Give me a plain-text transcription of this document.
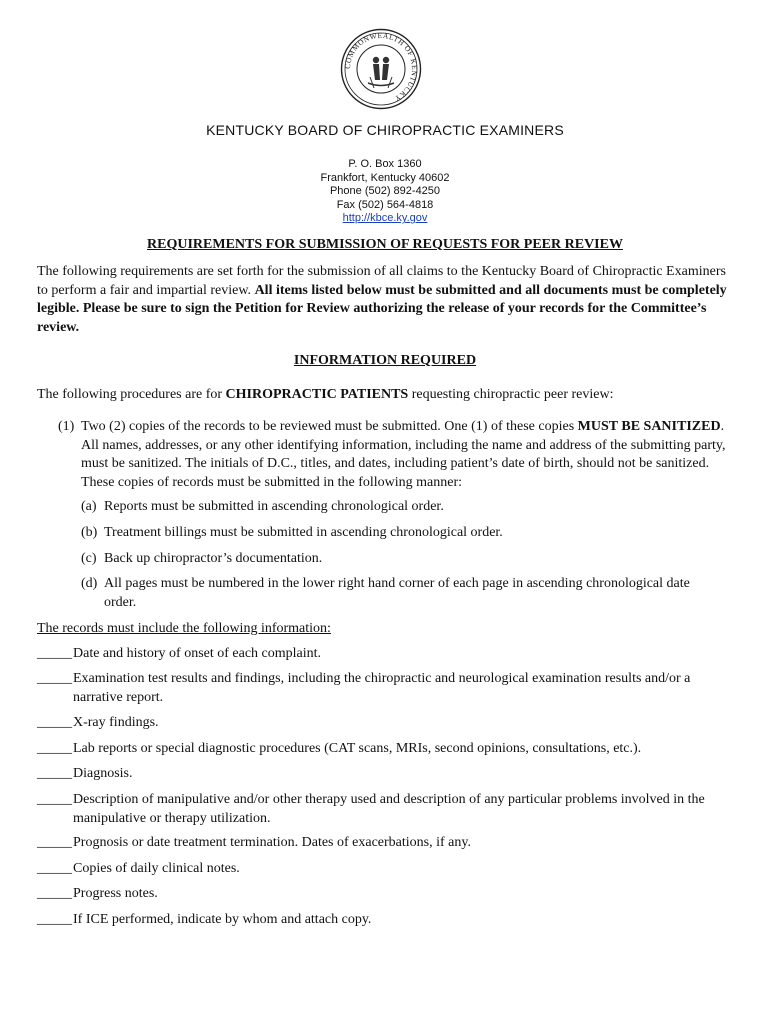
COMMONWEALTH OF KENTUCKY
KENTUCKY BOARD OF CHIROPRACTIC EXAMINERS
P. O. Box 1360
Frankfort, Kentucky 40602
Phone (502) 892-4250
Fax (502) 564-4818
http://kbce.ky.gov
REQUIREMENTS FOR SUBMISSION OF REQUESTS FOR PEER REVIEW
The following requirements are set forth for the submission of all claims to the Kentucky Board of Chiropractic Examiners to perform a fair and impartial review. All items listed below must be submitted and all documents must be completely legible. Please be sure to sign the Petition for Review authorizing the release of your records for the Committee’s review.
INFORMATION REQUIRED
The following procedures are for CHIROPRACTIC PATIENTS requesting chiropractic peer review:
(1) Two (2) copies of the records to be reviewed must be submitted. One (1) of these copies MUST BE SANITIZED. All names, addresses, or any other identifying information, including the name and address of the submitting party, must be sanitized. The initials of D.C., titles, and dates, including patient’s date of birth, should not be sanitized. These copies of records must be submitted in the following manner:
(a) Reports must be submitted in ascending chronological order.
(b) Treatment billings must be submitted in ascending chronological order.
(c) Back up chiropractor’s documentation.
(d) All pages must be numbered in the lower right hand corner of each page in ascending chronological date order.
The records must include the following information:
_____ Date and history of onset of each complaint.
_____ Examination test results and findings, including the chiropractic and neurological examination results and/or a narrative report.
_____ X-ray findings.
_____ Lab reports or special diagnostic procedures (CAT scans, MRIs, second opinions, consultations, etc.).
_____ Diagnosis.
_____ Description of manipulative and/or other therapy used and description of any particular problems involved in the manipulative or therapy utilization.
_____ Prognosis or date treatment termination. Dates of exacerbations, if any.
_____ Copies of daily clinical notes.
_____ Progress notes.
_____ If ICE performed, indicate by whom and attach copy.
